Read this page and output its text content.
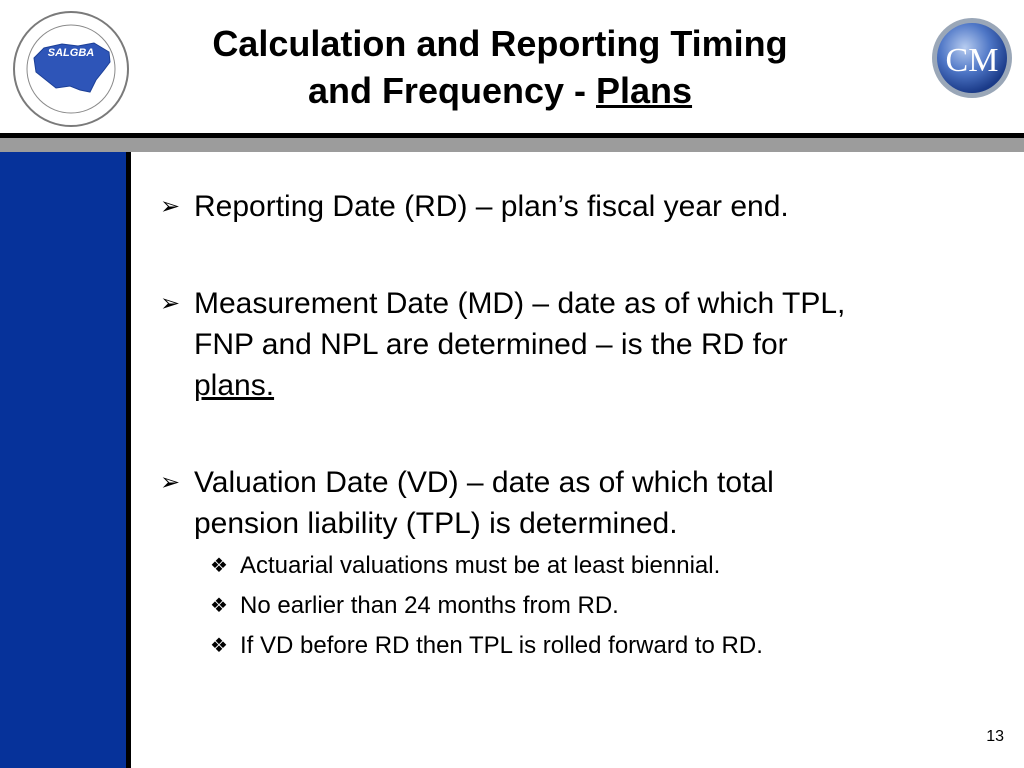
SALGBA	Calculation and Reporting Timing
and Frequency - Plans
CM
➢ Reporting Date (RD) – plan’s fiscal year end.
➢ Measurement Date (MD) – date as of which TPL,
FNP and NPL are determined – is the RD for
plans.
➢ Valuation Date (VD) – date as of which total
pension liability (TPL) is determined.
❖ Actuarial valuations must be at least biennial.
❖ No earlier than 24 months from RD.
❖ If VD before RD then TPL is rolled forward to RD.
13
